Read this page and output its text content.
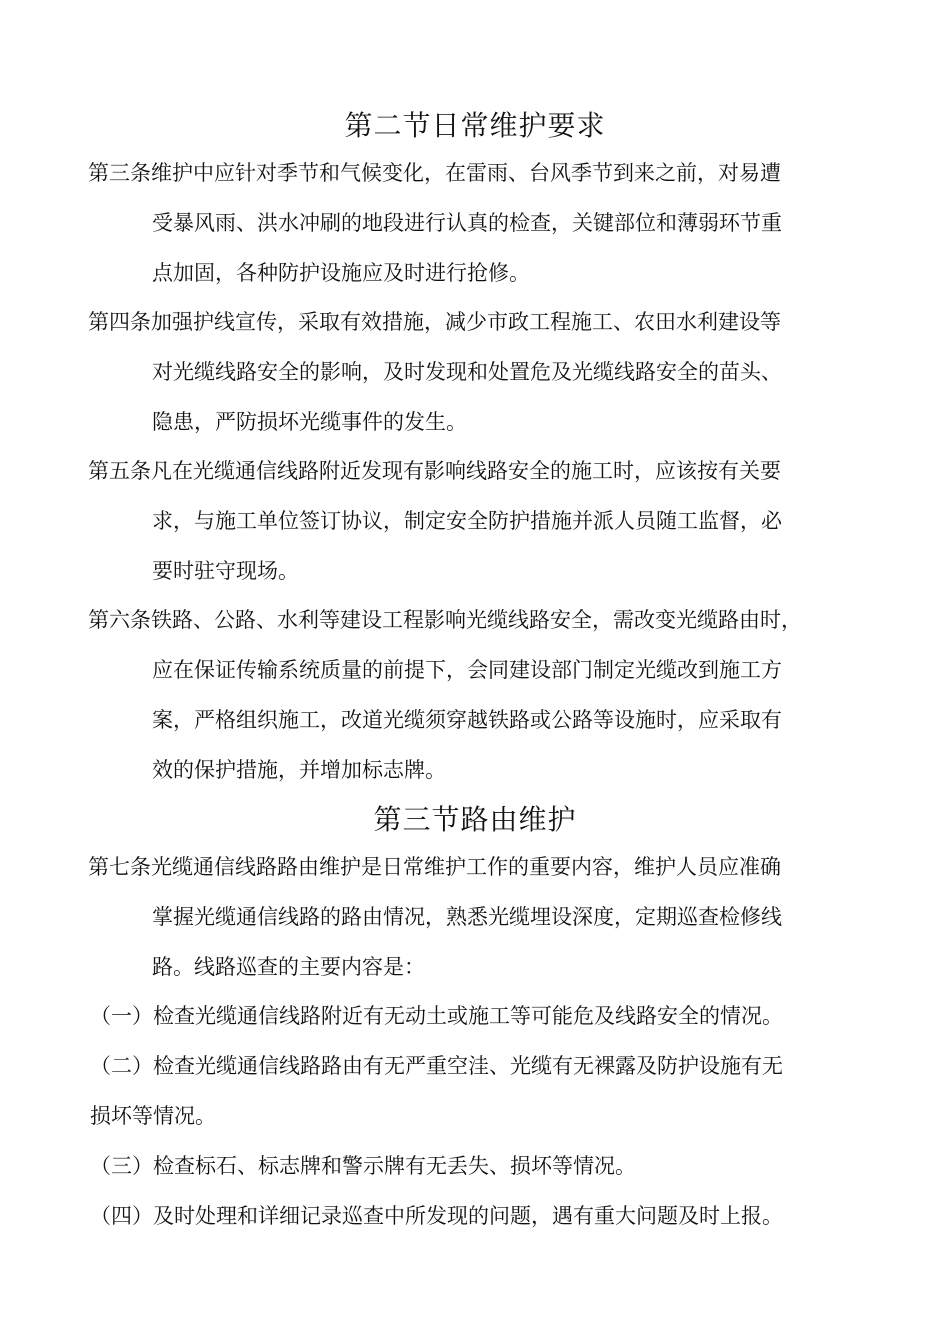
第二节日常维护要求
第三条维护中应针对季节和气候变化，在雷雨、台风季节到来之前，对易遭
受暴风雨、洪水冲刷的地段进行认真的检查，关键部位和薄弱环节重
点加固，各种防护设施应及时进行抢修。
第四条加强护线宣传，采取有效措施，减少市政工程施工、农田水利建设等
对光缆线路安全的影响，及时发现和处置危及光缆线路安全的苗头、
隐患，严防损坏光缆事件的发生。
第五条凡在光缆通信线路附近发现有影响线路安全的施工时，应该按有关要
求，与施工单位签订协议，制定安全防护措施并派人员随工监督，必
要时驻守现场。
第六条铁路、公路、水利等建设工程影响光缆线路安全，需改变光缆路由时，
应在保证传输系统质量的前提下，会同建设部门制定光缆改到施工方
案，严格组织施工，改道光缆须穿越铁路或公路等设施时，应采取有
效的保护措施，并增加标志牌。
第三节路由维护
第七条光缆通信线路路由维护是日常维护工作的重要内容，维护人员应准确
掌握光缆通信线路的路由情况，熟悉光缆埋设深度，定期巡查检修线
路。线路巡查的主要内容是：
（一）检查光缆通信线路附近有无动土或施工等可能危及线路安全的情况。
（二）检查光缆通信线路路由有无严重空洼、光缆有无裸露及防护设施有无
损坏等情况。
（三）检查标石、标志牌和警示牌有无丢失、损坏等情况。
（四）及时处理和详细记录巡查中所发现的问题，遇有重大问题及时上报。
